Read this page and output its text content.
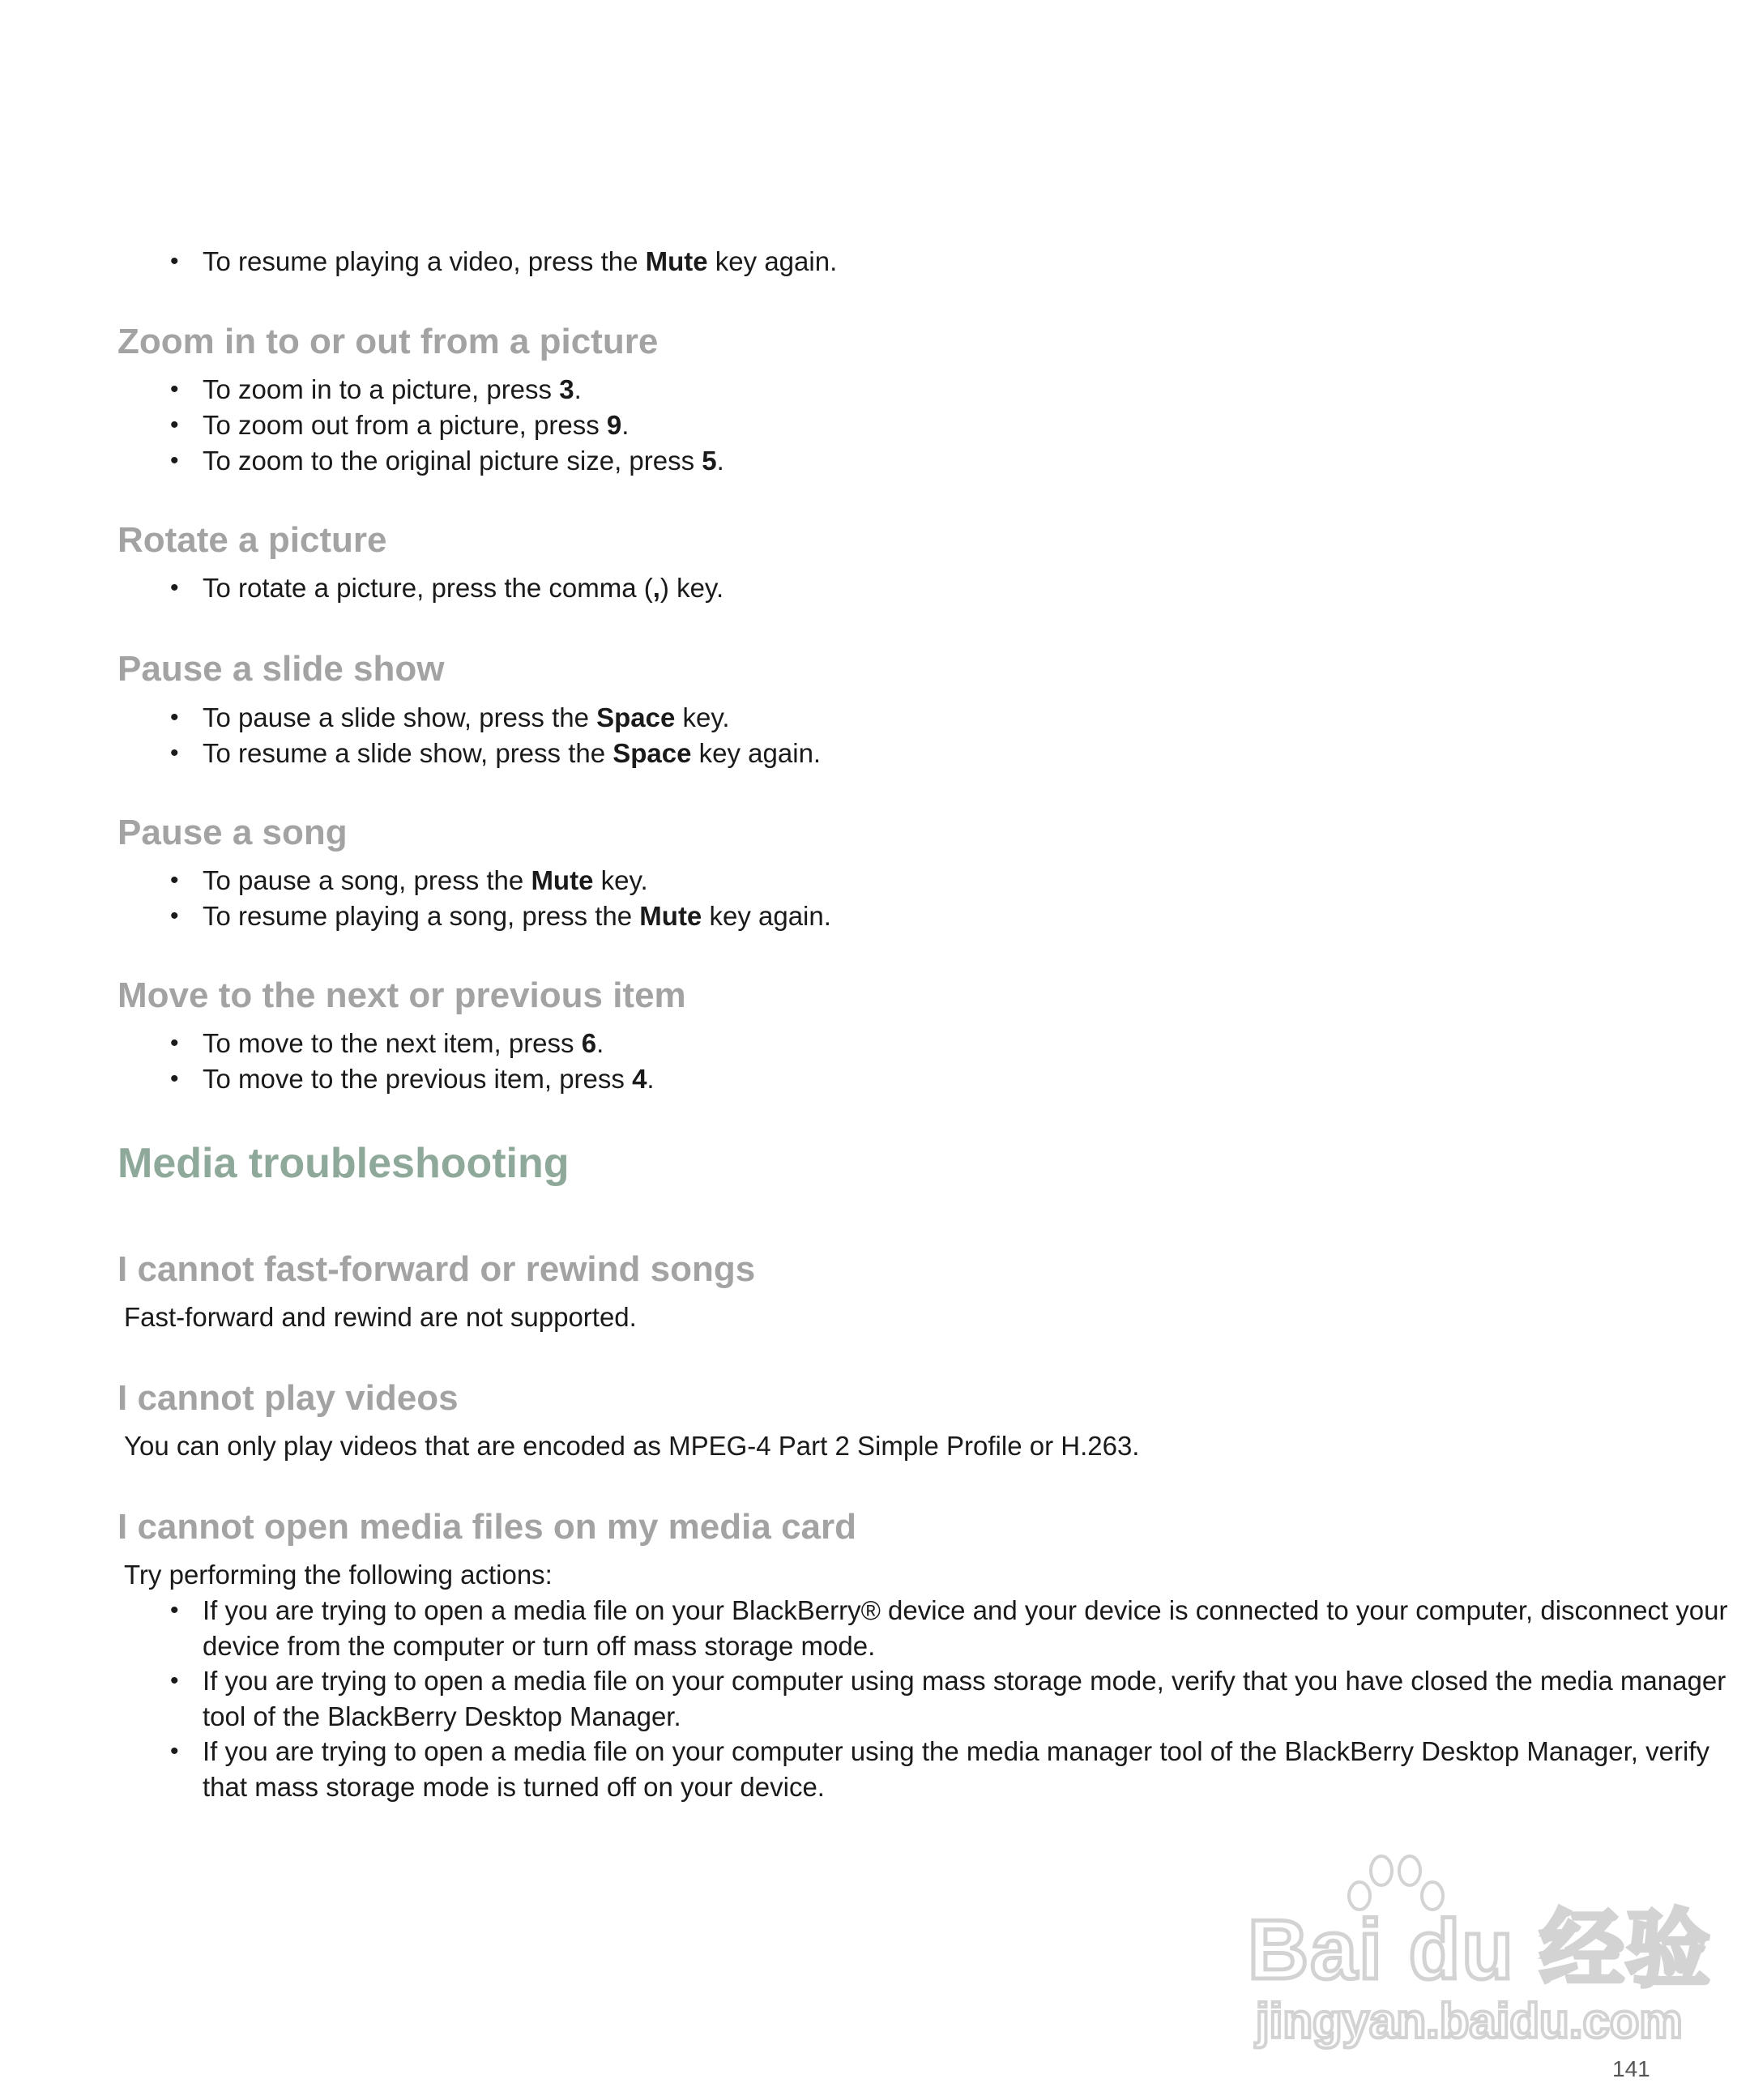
• To resume playing a video, press the Mute key again.

Zoom in to or out from a picture

• To zoom in to a picture, press 3.

• To zoom out from a picture, press 9.

• To zoom to the original picture size, press 5.

Rotate a picture

• To rotate a picture, press the comma (,) key.

Pause a slide show

• To pause a slide show, press the Space key.

• To resume a slide show, press the Space key again.

Pause a song

• To pause a song, press the Mute key.

• To resume playing a song, press the Mute key again.

Move to the next or previous item

• To move to the next item, press 6.

• To move to the previous item, press 4.

Media troubleshooting
I cannot fast-forward or rewind songs

Fast-forward and rewind are not supported.

I cannot play videos

You can only play videos that are encoded as MPEG-4 Part 2 Simple Profile or H.263.

I cannot open media files on my media card

Try performing the following actions:

• If you are trying to open a media file on your BlackBerry® device and your device is connected to your computer, disconnect your

device from the computer or turn off mass storage mode.

• If you are trying to open a media file on your computer using mass storage mode, verify that you have closed the media manager

tool of the BlackBerry Desktop Manager.

• If you are trying to open a media file on your computer using the media manager tool of the BlackBerry Desktop Manager, verify

that mass storage mode is turned off on your device.

Bai du 经验
jingyan.baidu.com

141
